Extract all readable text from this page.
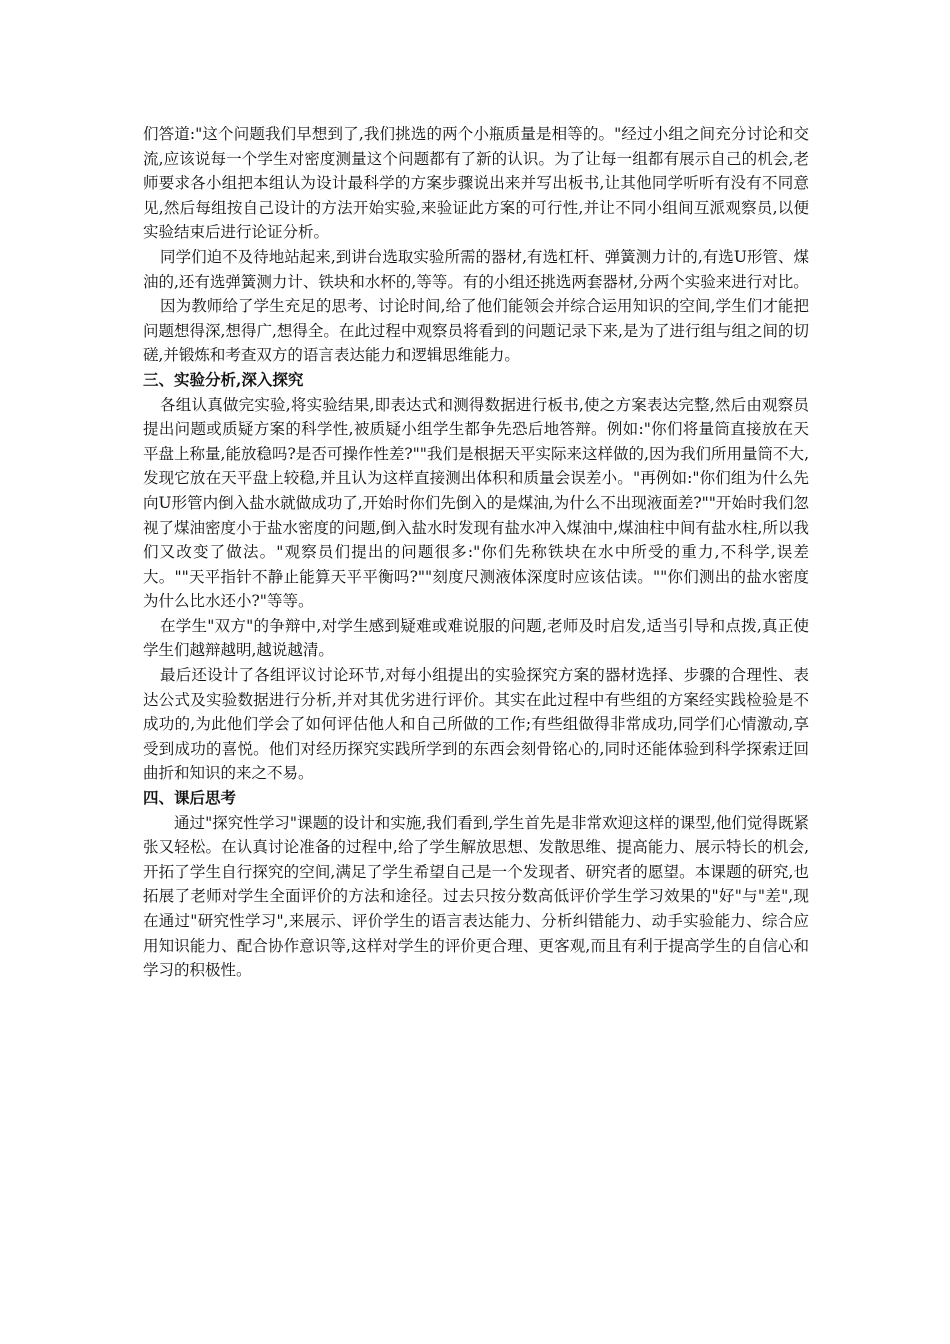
们答道:"这个问题我们早想到了,我们挑选的两个小瓶质量是相等的。"经过小组之间充分讨论和交流,应该说每一个学生对密度测量这个问题都有了新的认识。为了让每一组都有展示自己的机会,老师要求各小组把本组认为设计最科学的方案步骤说出来并写出板书,让其他同学听听有没有不同意见,然后每组按自己设计的方法开始实验,来验证此方案的可行性,并让不同小组间互派观察员,以便实验结束后进行论证分析。

同学们迫不及待地站起来,到讲台选取实验所需的器材,有选杠杆、弹簧测力计的,有选U形管、煤油的,还有选弹簧测力计、铁块和水杯的,等等。有的小组还挑选两套器材,分两个实验来进行对比。

因为教师给了学生充足的思考、讨论时间,给了他们能领会并综合运用知识的空间,学生们才能把问题想得深,想得广,想得全。在此过程中观察员将看到的问题记录下来,是为了进行组与组之间的切磋,并锻炼和考查双方的语言表达能力和逻辑思维能力。

三、实验分析,深入探究

各组认真做完实验,将实验结果,即表达式和测得数据进行板书,使之方案表达完整,然后由观察员提出问题或质疑方案的科学性,被质疑小组学生都争先恐后地答辩。例如:"你们将量筒直接放在天平盘上称量,能放稳吗?是否可操作性差?""我们是根据天平实际来这样做的,因为我们所用量筒不大,发现它放在天平盘上较稳,并且认为这样直接测出体积和质量会误差小。"再例如:"你们组为什么先向U形管内倒入盐水就做成功了,开始时你们先倒入的是煤油,为什么不出现液面差?""开始时我们忽视了煤油密度小于盐水密度的问题,倒入盐水时发现有盐水冲入煤油中,煤油柱中间有盐水柱,所以我们又改变了做法。"观察员们提出的问题很多:"你们先称铁块在水中所受的重力,不科学,误差大。""天平指针不静止能算天平平衡吗?""刻度尺测液体深度时应该估读。""你们测出的盐水密度为什么比水还小?"等等。

在学生"双方"的争辩中,对学生感到疑难或难说服的问题,老师及时启发,适当引导和点拨,真正使学生们越辩越明,越说越清。

最后还设计了各组评议讨论环节,对每小组提出的实验探究方案的器材选择、步骤的合理性、表达公式及实验数据进行分析,并对其优劣进行评价。其实在此过程中有些组的方案经实践检验是不成功的,为此他们学会了如何评估他人和自己所做的工作;有些组做得非常成功,同学们心情激动,享受到成功的喜悦。他们对经历探究实践所学到的东西会刻骨铭心的,同时还能体验到科学探索迂回曲折和知识的来之不易。

四、课后思考

通过"探究性学习"课题的设计和实施,我们看到,学生首先是非常欢迎这样的课型,他们觉得既紧张又轻松。在认真讨论准备的过程中,给了学生解放思想、发散思维、提高能力、展示特长的机会,开拓了学生自行探究的空间,满足了学生希望自己是一个发现者、研究者的愿望。本课题的研究,也拓展了老师对学生全面评价的方法和途径。过去只按分数高低评价学生学习效果的"好"与"差",现在通过"研究性学习",来展示、评价学生的语言表达能力、分析纠错能力、动手实验能力、综合应用知识能力、配合协作意识等,这样对学生的评价更合理、更客观,而且有利于提高学生的自信心和学习的积极性。
